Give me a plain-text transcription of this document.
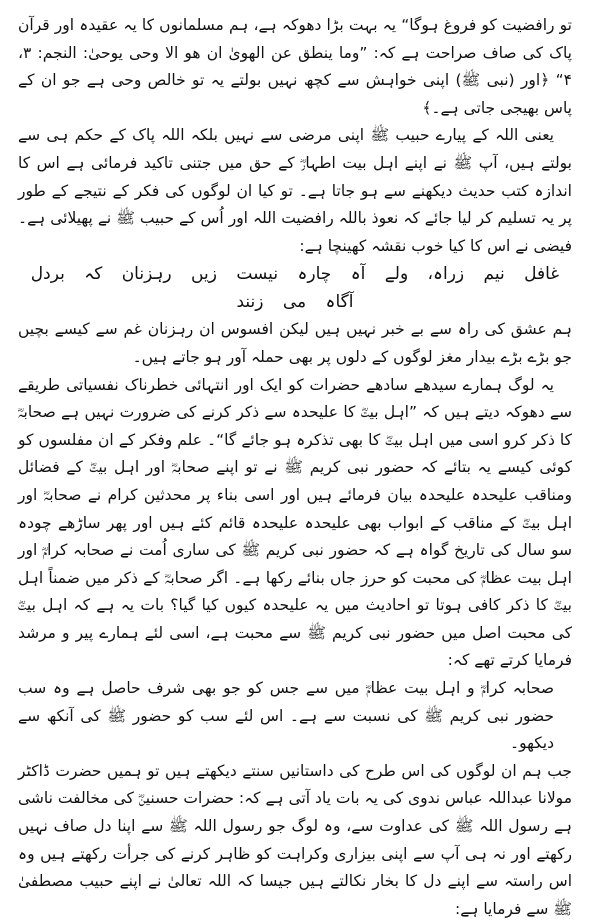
تو رافضیت کو فروغ ہوگا“ یہ بہت بڑا دھوکہ ہے، ہم مسلمانوں کا یہ عقیدہ اور قرآن پاک کی صاف صراحت ہے کہ: ”وما ینطق عن الهویٰ ان هو الا وحی یوحیٰ: النجم: ۳، ۴“ ﴿اور (نبی ﷺ) اپنی خواہش سے کچھ نہیں بولتے یہ تو خالص وحی ہے جو ان کے پاس بھیجی جاتی ہے۔﴾

یعنی اللہ کے پیارے حبیب ﷺ اپنی مرضی سے نہیں بلکہ اللہ پاک کے حکم ہی سے بولتے ہیں، آپ ﷺ نے اپنے اہل بیت اطہارؓ کے حق میں جتنی تاکید فرمائی ہے اس کا اندازہ کتب حدیث دیکھنے سے ہو جاتا ہے۔ تو کیا ان لوگوں کی فکر کے نتیجے کے طور پر یہ تسلیم کر لیا جائے کہ نعوذ باللہ رافضیت اللہ اور اُس کے حبیب ﷺ نے پھیلائی ہے۔ فیضی نے اس کا کیا خوب نقشہ کھینچا ہے:

غافل نیم زراہ، ولے آہ چارہ نیست زیں رہزنان کہ بردل آگاہ می زنند

ہم عشق کی راہ سے بے خبر نہیں ہیں لیکن افسوس ان رہزنان غم سے کیسے بچیں جو بڑے بڑے بیدار مغز لوگوں کے دلوں پر بھی حملہ آور ہو جاتے ہیں۔

یہ لوگ ہمارے سیدھے سادھے حضرات کو ایک اور انتہائی خطرناک نفسیاتی طریقے سے دھوکہ دیتے ہیں کہ ”اہل بیتؓ کا علیحدہ سے ذکر کرنے کی ضرورت نہیں ہے صحابہؓ کا ذکر کرو اسی میں اہل بیتؓ کا بھی تذکرہ ہو جائے گا“۔ علم وفکر کے ان مفلسوں کو کوئی کیسے یہ بتائے کہ حضور نبی کریم ﷺ نے تو اپنے صحابہؓ اور اہل بیتؓ کے فضائل ومناقب علیحدہ علیحدہ بیان فرمائے ہیں اور اسی بناء پر محدثین کرام نے صحابہؓ اور اہل بیتؓ کے مناقب کے ابواب بھی علیحدہ علیحدہ قائم کئے ہیں اور پھر ساڑھے چودہ سو سال کی تاریخ گواہ ہے کہ حضور نبی کریم ﷺ کی ساری اُمت نے صحابہ کرامؓ اور اہل بیت عظامؓ کی محبت کو حرز جاں بنائے رکھا ہے۔ اگر صحابہؓ کے ذکر میں ضمناً اہل بیتؓ کا ذکر کافی ہوتا تو احادیث میں یہ علیحدہ کیوں کیا گیا؟ بات یہ ہے کہ اہل بیتؓ کی محبت اصل میں حضور نبی کریم ﷺ سے محبت ہے، اسی لئے ہمارے پیر و مرشد فرمایا کرتے تھے کہ:

صحابہ کرامؓ و اہل بیت عظامؓ میں سے جس کو جو بھی شرف حاصل ہے وہ سب حضور نبی کریم ﷺ کی نسبت سے ہے۔ اس لئے سب کو حضور ﷺ کی آنکھ سے دیکھو۔

جب ہم ان لوگوں کی اس طرح کی داستانیں سنتے دیکھتے ہیں تو ہمیں حضرت ڈاکٹر مولانا عبداللہ عباس ندوی کی یہ بات یاد آتی ہے کہ: حضرات حسنینؓ کی مخالفت ناشی ہے رسول اللہ ﷺ کی عداوت سے، وہ لوگ جو رسول اللہ ﷺ سے اپنا دل صاف نہیں رکھتے اور نہ ہی آپ سے اپنی بیزاری وکراہت کو ظاہر کرنے کی جرأت رکھتے ہیں وہ اس راستہ سے اپنے دل کا بخار نکالتے ہیں جیسا کہ اللہ تعالیٰ نے اپنے حبیب مصطفیٰ ﷺ سے فرمایا ہے:
